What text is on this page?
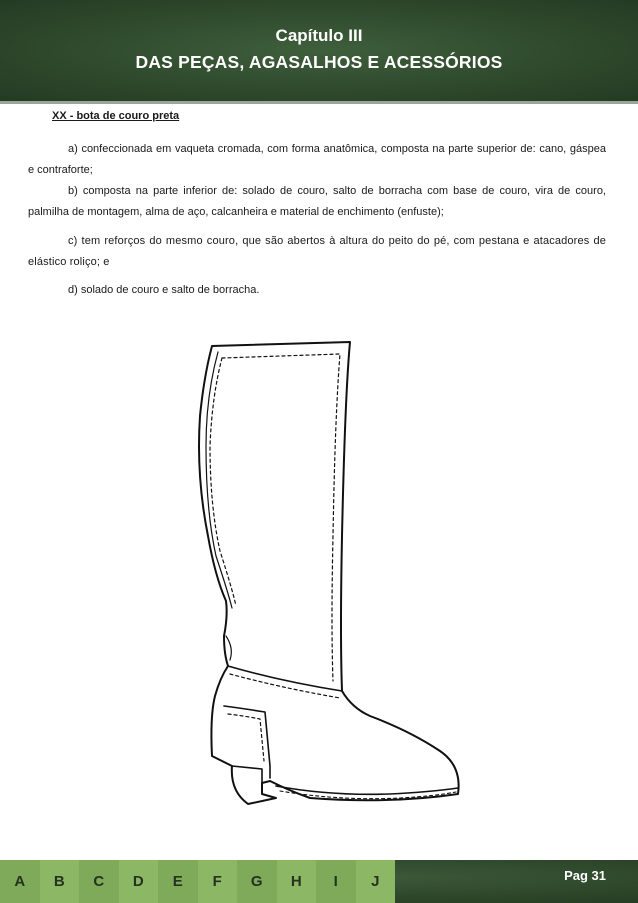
Capítulo III
DAS PEÇAS, AGASALHOS E ACESSÓRIOS
XX - bota de couro preta

a) confeccionada em vaqueta cromada, com forma anatômica, composta na parte superior de: cano, gáspea e contraforte;

b) composta na parte inferior de: solado de couro, salto de borracha com base de couro, vira de couro, palmilha de montagem, alma de aço, calcanheira e material de enchimento (enfuste);

c) tem reforços do mesmo couro, que são abertos à altura do peito do pé, com pestana e atacadores de elástico roliço; e

d) solado de couro e salto de borracha.

A	B	C	D	E	F	G	H	I	J	Pag 31
